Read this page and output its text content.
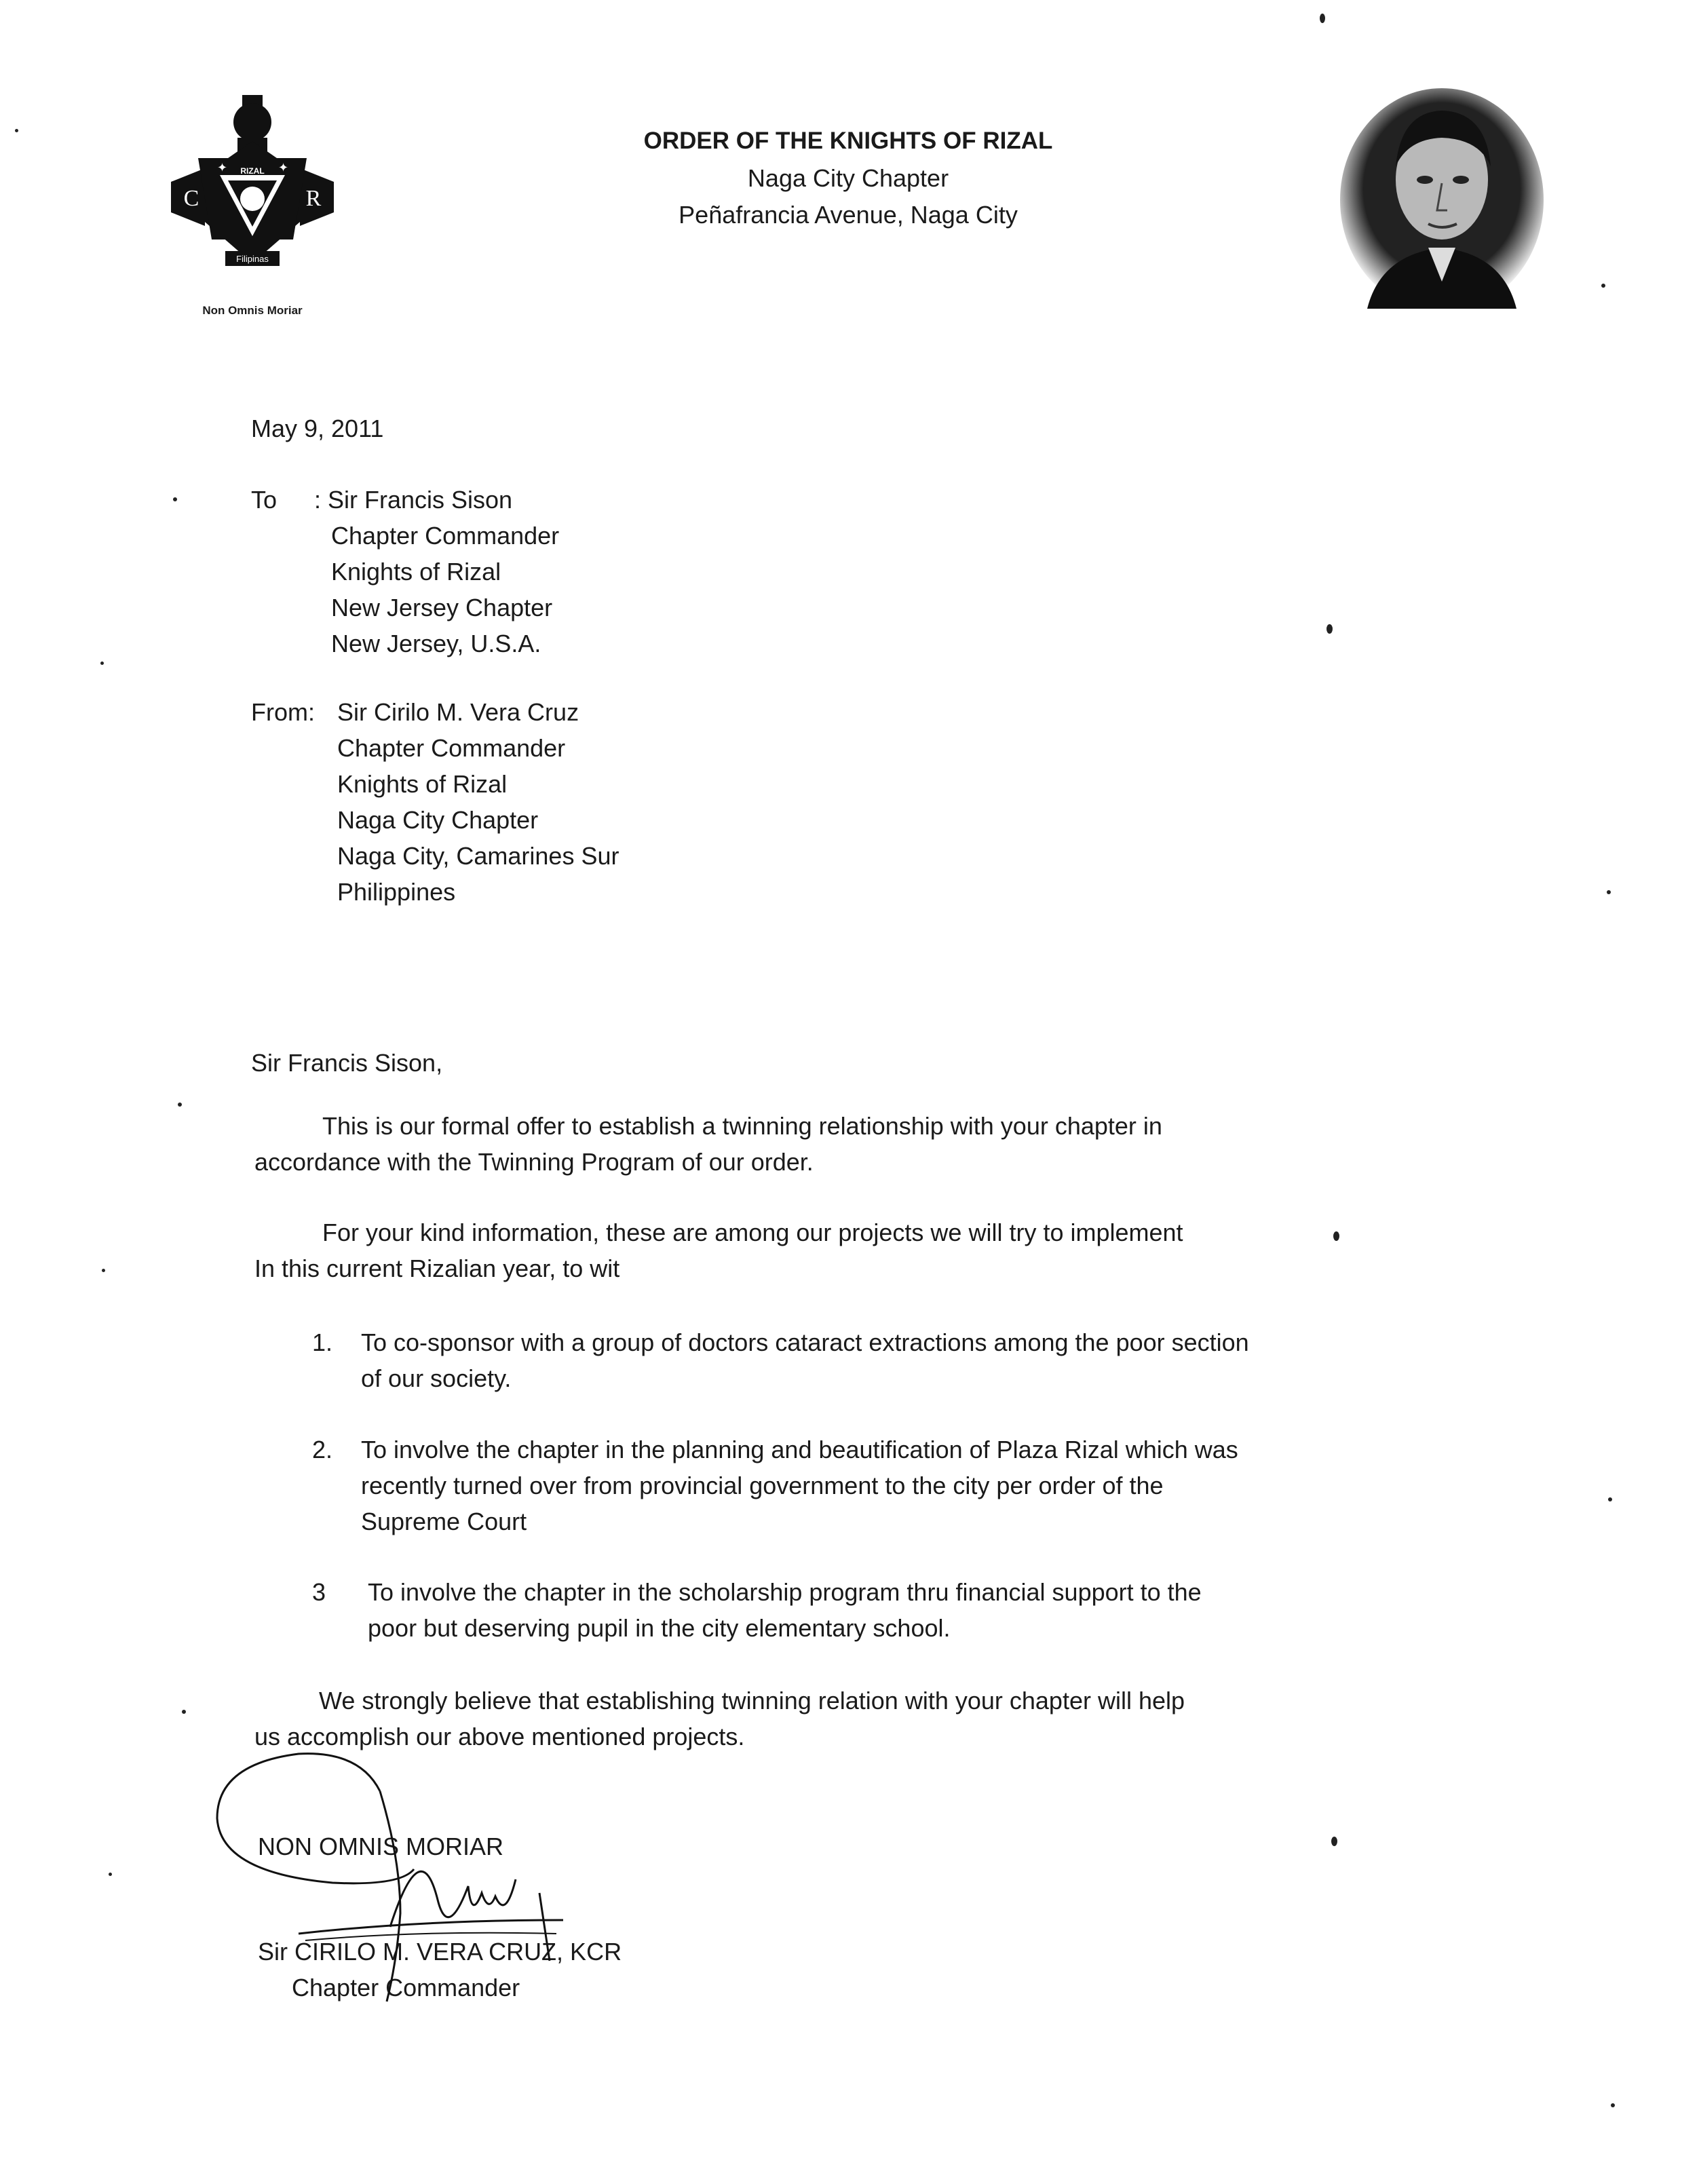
C	R
RIZAL
Filipinas
✦	✦
Non Omnis Moriar
ORDER OF THE KNIGHTS OF RIZAL
Naga City Chapter
Peñafrancia Avenue, Naga City
May 9, 2011
To : Sir Francis Sison
Chapter Commander
Knights of Rizal
New Jersey Chapter
New Jersey, U.S.A.
From: Sir Cirilo M. Vera Cruz
Chapter Commander
Knights of Rizal
Naga City Chapter
Naga City, Camarines Sur
Philippines
Sir Francis Sison,
This is our formal offer to establish a twinning relationship with your chapter in
accordance with the Twinning Program of our order.
For your kind information, these are among our projects we will try to implement
In this current Rizalian year, to wit
1. To co-sponsor with a group of doctors cataract extractions among the poor section
of our society.
2. To involve the chapter in the planning and beautification of Plaza Rizal which was
recently turned over from provincial government to the city per order of the
Supreme Court
3 To involve the chapter in the scholarship program thru financial support to the
poor but deserving pupil in the city elementary school.
We strongly believe that establishing twinning relation with your chapter will help
us accomplish our above mentioned projects.
NON OMNIS MORIAR
Sir CIRILO M. VERA CRUZ, KCR
Chapter Commander
